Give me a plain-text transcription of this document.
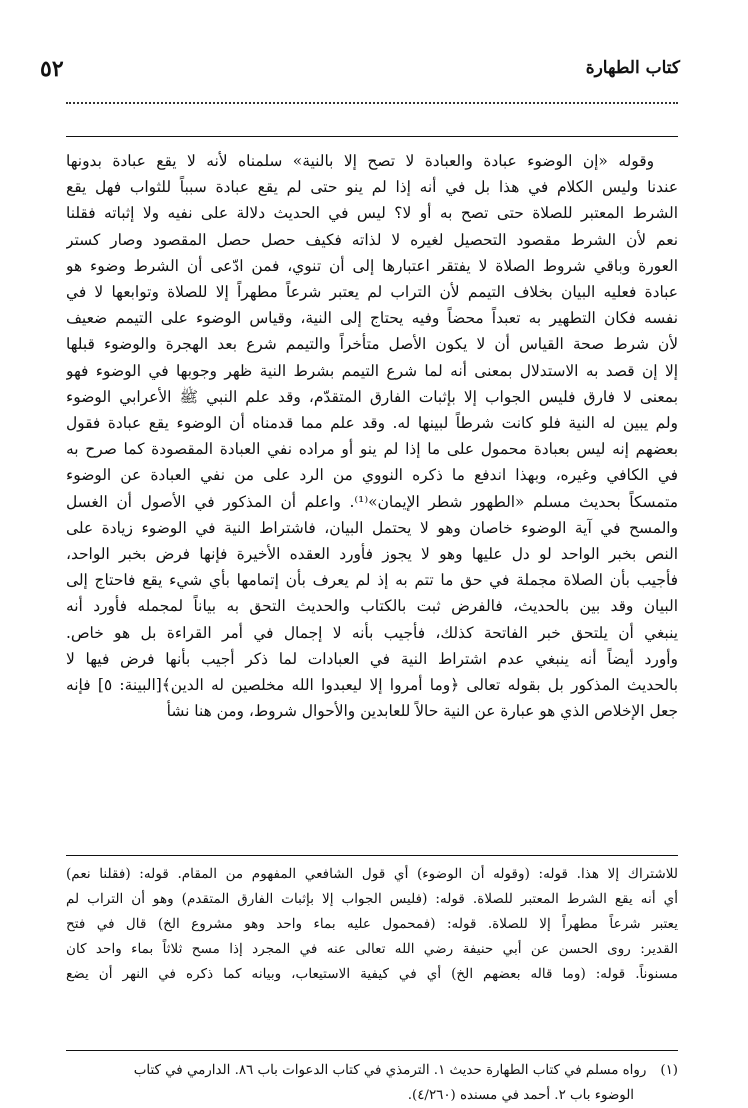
٥٢	كتاب الطهارة

وقوله «إن الوضوء عبادة والعبادة لا تصح إلا بالنية» سلمناه لأنه لا يقع عبادة بدونها

عندنا وليس الكلام في هذا بل في أنه إذا لم ينو حتى لم يقع عبادة سبباً للثواب فهل يقع

الشرط المعتبر للصلاة حتى تصح به أو لا؟ ليس في الحديث دلالة على نفيه ولا إثباته فقلنا

نعم لأن الشرط مقصود التحصيل لغيره لا لذاته فكيف حصل حصل المقصود وصار كستر

العورة وباقي شروط الصلاة لا يفتقر اعتبارها إلى أن تنوي، فمن ادّعى أن الشرط وضوء هو

عبادة فعليه البيان بخلاف التيمم لأن التراب لم يعتبر شرعاً مطهراً إلا للصلاة وتوابعها لا في

نفسه فكان التطهير به تعبداً محضاً وفيه يحتاج إلى النية، وقياس الوضوء على التيمم ضعيف

لأن شرط صحة القياس أن لا يكون الأصل متأخراً والتيمم شرع بعد الهجرة والوضوء قبلها

إلا إن قصد به الاستدلال بمعنى أنه لما شرع التيمم بشرط النية ظهر وجوبها في الوضوء فهو

بمعنى لا فارق فليس الجواب إلا بإثبات الفارق المتقدّم، وقد علم النبي ﷺ الأعرابي الوضوء

ولم يبين له النية فلو كانت شرطاً لبينها له. وقد علم مما قدمناه أن الوضوء يقع عبادة فقول

بعضهم إنه ليس بعبادة محمول على ما إذا لم ينو أو مراده نفي العبادة المقصودة كما صرح به

في الكافي وغيره، وبهذا اندفع ما ذكره النووي من الرد على من نفي العبادة عن الوضوء

متمسكاً بحديث مسلم «الطهور شطر الإيمان»⁽¹⁾. واعلم أن المذكور في الأصول أن الغسل

والمسح في آية الوضوء خاصان وهو لا يحتمل البيان، فاشتراط النية في الوضوء زيادة على

النص بخبر الواحد لو دل عليها وهو لا يجوز فأورد العقده الأخيرة فإنها فرض بخبر الواحد،

فأجيب بأن الصلاة مجملة في حق ما تتم به إذ لم يعرف بأن إتمامها بأي شيء يقع فاحتاج إلى

البيان وقد بين بالحديث، فالفرض ثبت بالكتاب والحديث التحق به بياناً لمجمله فأورد أنه

ينبغي أن يلتحق خبر الفاتحة كذلك، فأجيب بأنه لا إجمال في أمر القراءة بل هو خاص.

وأورد أيضاً أنه ينبغي عدم اشتراط النية في العبادات لما ذكر أجيب بأنها فرض فيها لا

بالحديث المذكور بل بقوله تعالى ﴿وما أمروا إلا ليعبدوا الله مخلصين له الدين﴾[البينة: ٥] فإنه

جعل الإخلاص الذي هو عبارة عن النية حالاً للعابدين والأحوال شروط، ومن هنا نشأ

للاشتراك إلا هذا. قوله: (وقوله أن الوضوء) أي قول الشافعي المفهوم من المقام. قوله: (فقلنا نعم)

أي أنه يقع الشرط المعتبر للصلاة. قوله: (فليس الجواب إلا بإثبات الفارق المتقدم) وهو أن التراب لم

يعتبر شرعاً مطهراً إلا للصلاة. قوله: (فمحمول عليه بماء واحد وهو مشروع الخ) قال في فتح

القدير: روى الحسن عن أبي حنيفة رضي الله تعالى عنه في المجرد إذا مسح ثلاثاً بماء واحد كان

مسنوناً. قوله: (وما قاله بعضهم الخ) أي في كيفية الاستيعاب، وبيانه كما ذكره في النهر أن يضع

(١)رواه مسلم في كتاب الطهارة حديث ١. الترمذي في كتاب الدعوات باب ٨٦. الدارمي في كتاب
الوضوء باب ٢. أحمد في مسنده (٤/٢٦٠).
